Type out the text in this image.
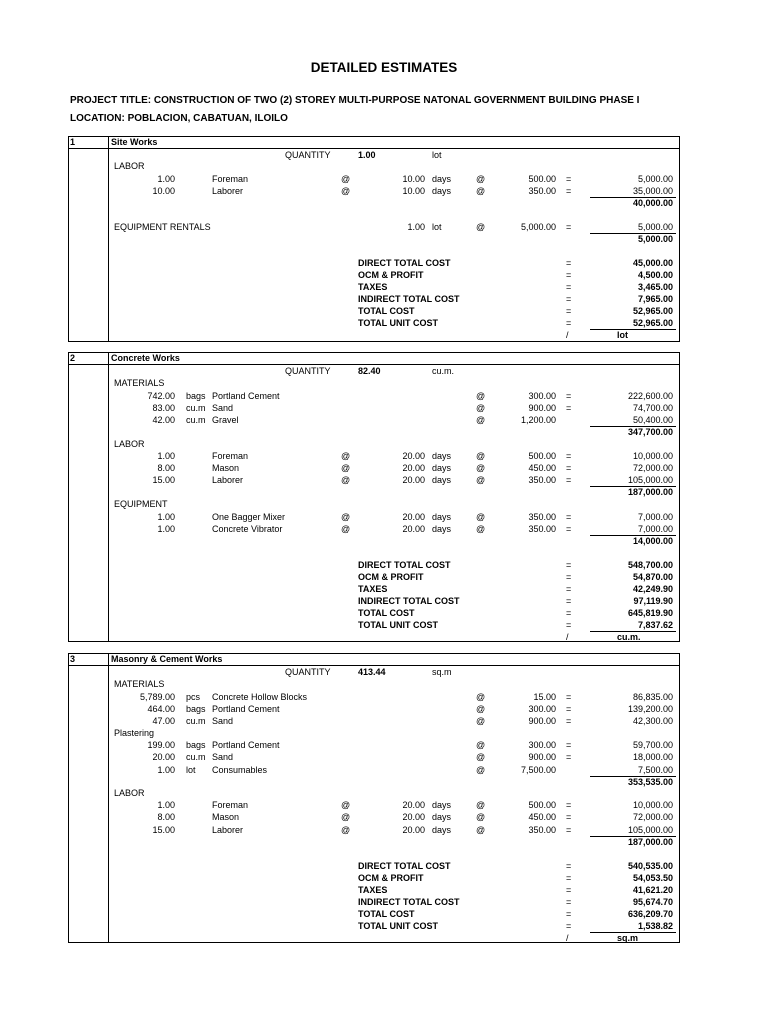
DETAILED ESTIMATES
PROJECT TITLE: CONSTRUCTION OF TWO (2) STOREY MULTI-PURPOSE NATONAL GOVERNMENT BUILDING PHASE I
LOCATION: POBLACION, CABATUAN, ILOILO
1	Site Works
QUANTITY	1.00	lot
LABOR
1.00	Foreman	@	10.00 days	@	500.00 =	5,000.00
10.00	Laborer	@	10.00 days	@	350.00 =	35,000.00
40,000.00
EQUIPMENT RENTALS	1.00 lot	@	5,000.00 =	5,000.00
5,000.00
DIRECT TOTAL COST	=	45,000.00
OCM & PROFIT	=	4,500.00
TAXES	=	3,465.00
INDIRECT TOTAL COST	=	7,965.00
TOTAL COST	=	52,965.00
TOTAL UNIT COST	=	52,965.00
/	lot
2	Concrete Works
QUANTITY	82.40	cu.m.
MATERIALS
742.00 bags Portland Cement	@	300.00 =	222,600.00
83.00 cu.m Sand	@	900.00 =	74,700.00
42.00 cu.m Gravel	@	1,200.00	50,400.00
347,700.00
LABOR
1.00	Foreman	@	20.00 days	@	500.00 =	10,000.00
8.00	Mason	@	20.00 days	@	450.00 =	72,000.00
15.00	Laborer	@	20.00 days	@	350.00 =	105,000.00
187,000.00
EQUIPMENT
1.00	One Bagger Mixer	@	20.00 days	@	350.00 =	7,000.00
1.00	Concrete Vibrator	@	20.00 days	@	350.00 =	7,000.00
14,000.00
DIRECT TOTAL COST	=	548,700.00
OCM & PROFIT	=	54,870.00
TAXES	=	42,249.90
INDIRECT TOTAL COST	=	97,119.90
TOTAL COST	=	645,819.90
TOTAL UNIT COST	=	7,837.62
/	cu.m.
3	Masonry & Cement Works
QUANTITY	413.44	sq.m
MATERIALS
5,789.00 pcs Concrete Hollow Blocks	@	15.00 =	86,835.00
464.00 bags Portland Cement	@	300.00 =	139,200.00
47.00 cu.m Sand	@	900.00 =	42,300.00
Plastering
199.00 bags Portland Cement	@	300.00 =	59,700.00
20.00 cu.m Sand	@	900.00 =	18,000.00
1.00 lot Consumables	@	7,500.00	7,500.00
353,535.00
LABOR
1.00	Foreman	@	20.00 days	@	500.00 =	10,000.00
8.00	Mason	@	20.00 days	@	450.00 =	72,000.00
15.00	Laborer	@	20.00 days	@	350.00 =	105,000.00
187,000.00
DIRECT TOTAL COST	=	540,535.00
OCM & PROFIT	=	54,053.50
TAXES	=	41,621.20
INDIRECT TOTAL COST	=	95,674.70
TOTAL COST	=	636,209.70
TOTAL UNIT COST	=	1,538.82
/	sq.m
